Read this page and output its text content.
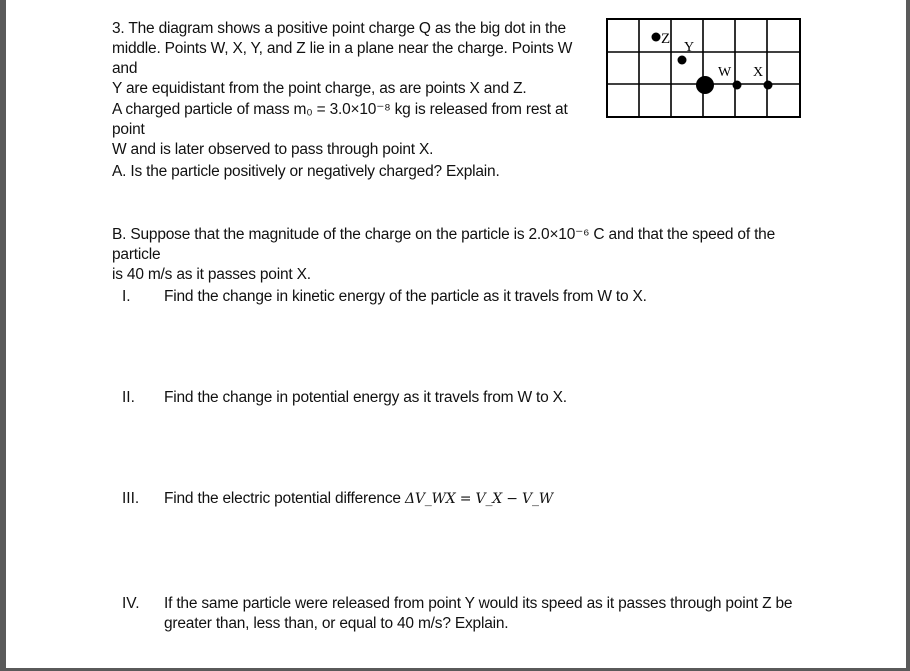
3. The diagram shows a positive point charge Q as the big dot in the
middle. Points W, X, Y, and Z lie in a plane near the charge. Points W and
Y are equidistant from the point charge, as are points X and Z.
A charged particle of mass m₀ = 3.0×10⁻⁸ kg is released from rest at point
W and is later observed to pass through point X.
A. Is the particle positively or negatively charged? Explain.
B. Suppose that the magnitude of the charge on the particle is 2.0×10⁻⁶ C and that the speed of the particle
is 40 m/s as it passes point X.
I. Find the change in kinetic energy of the particle as it travels from W to X.
II. Find the change in potential energy as it travels from W to X.
III. Find the electric potential difference ΔV_WX = V_X − V_W
IV. If the same particle were released from point Y would its speed as it passes through point Z be
greater than, less than, or equal to 40 m/s? Explain.
Z
Y
W X
